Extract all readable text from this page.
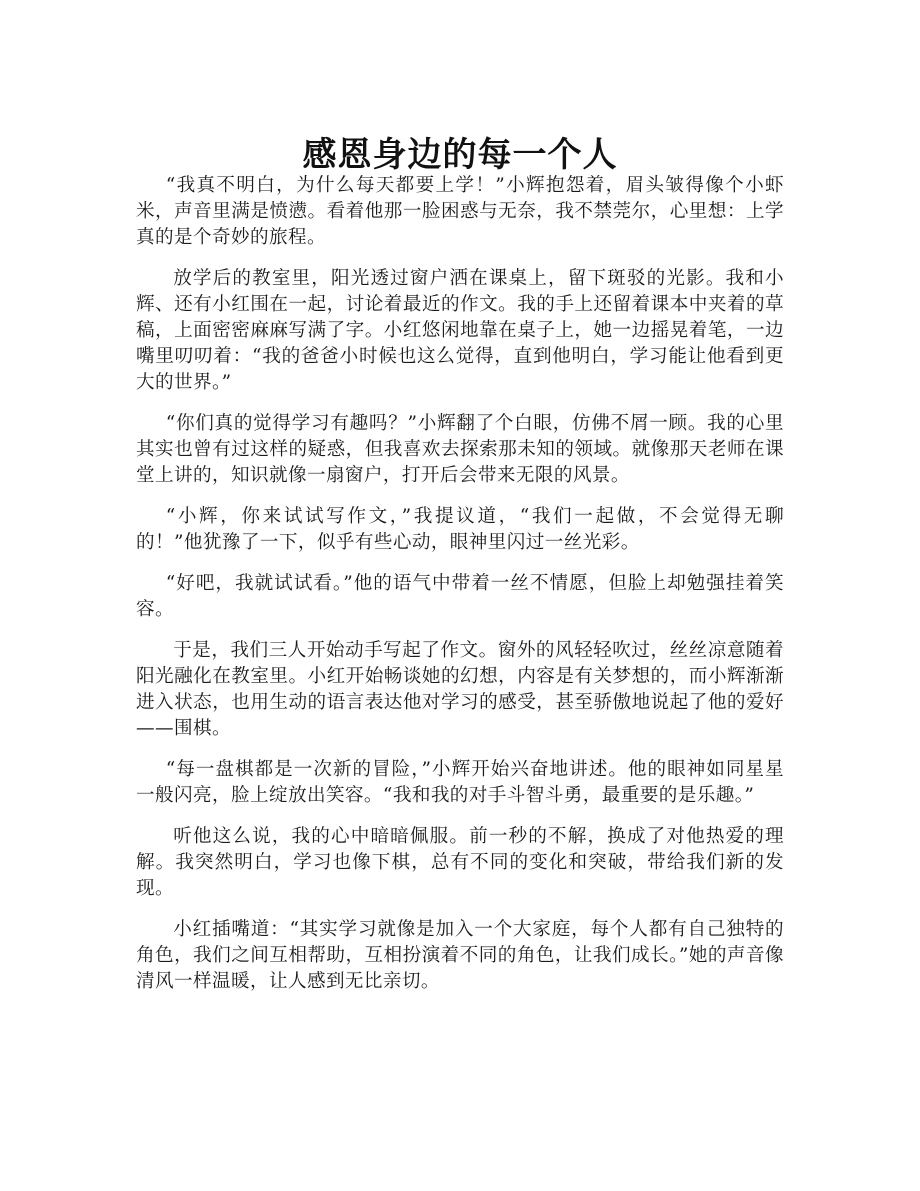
感恩身边的每一个人

“我真不明白，为什么每天都要上学！”小辉抱怨着，眉头皱得像个小虾米，声音里满是愤懑。看着他那一脸困惑与无奈，我不禁莞尔，心里想：上学真的是个奇妙的旅程。

放学后的教室里，阳光透过窗户洒在课桌上，留下斑驳的光影。我和小辉、还有小红围在一起，讨论着最近的作文。我的手上还留着课本中夹着的草稿，上面密密麻麻写满了字。小红悠闲地靠在桌子上，她一边摇晃着笔，一边嘴里叨叨着：“我的爸爸小时候也这么觉得，直到他明白，学习能让他看到更大的世界。”

“你们真的觉得学习有趣吗？”小辉翻了个白眼，仿佛不屑一顾。我的心里其实也曾有过这样的疑惑，但我喜欢去探索那未知的领域。就像那天老师在课堂上讲的，知识就像一扇窗户，打开后会带来无限的风景。

“小辉，你来试试写作文，”我提议道，“我们一起做，不会觉得无聊的！”他犹豫了一下，似乎有些心动，眼神里闪过一丝光彩。

“好吧，我就试试看。”他的语气中带着一丝不情愿，但脸上却勉强挂着笑容。

于是，我们三人开始动手写起了作文。窗外的风轻轻吹过，丝丝凉意随着阳光融化在教室里。小红开始畅谈她的幻想，内容是有关梦想的，而小辉渐渐进入状态，也用生动的语言表达他对学习的感受，甚至骄傲地说起了他的爱好——围棋。

“每一盘棋都是一次新的冒险，”小辉开始兴奋地讲述。他的眼神如同星星一般闪亮，脸上绽放出笑容。“我和我的对手斗智斗勇，最重要的是乐趣。”

听他这么说，我的心中暗暗佩服。前一秒的不解，换成了对他热爱的理解。我突然明白，学习也像下棋，总有不同的变化和突破，带给我们新的发现。

小红插嘴道：“其实学习就像是加入一个大家庭，每个人都有自己独特的角色，我们之间互相帮助，互相扮演着不同的角色，让我们成长。”她的声音像清风一样温暖，让人感到无比亲切。
